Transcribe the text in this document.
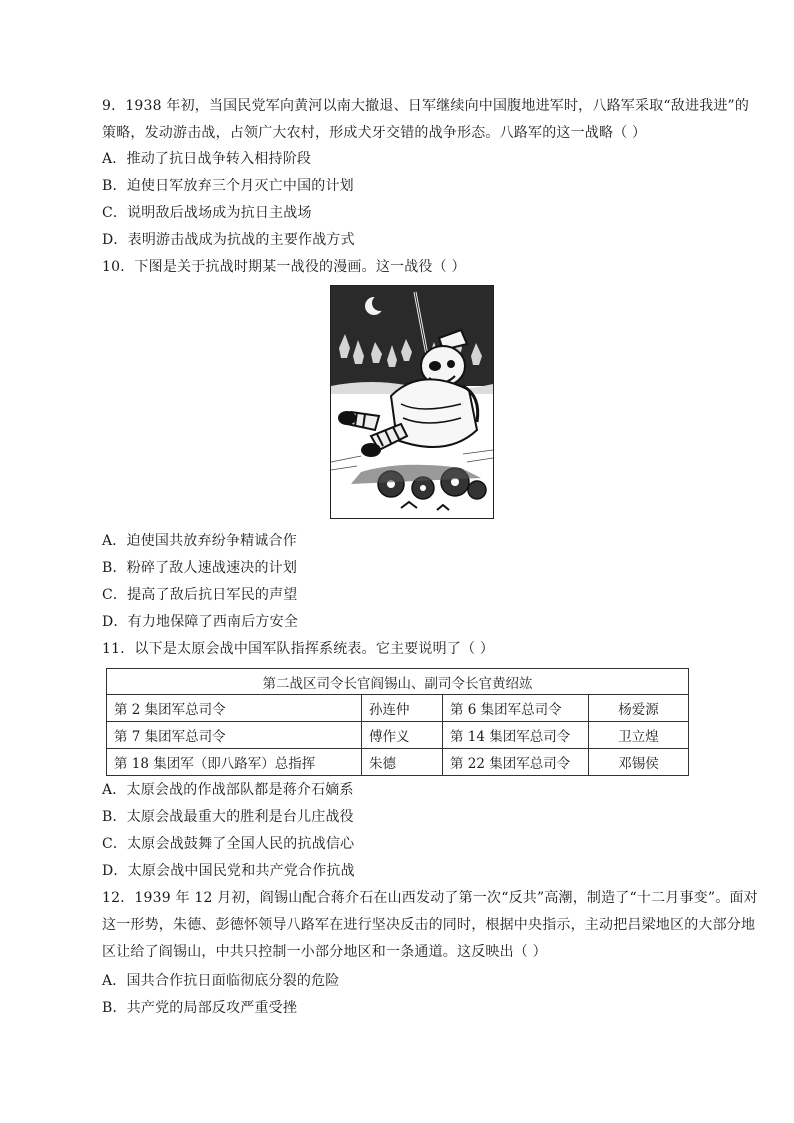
9．1938 年初，当国民党军向黄河以南大撤退、日军继续向中国腹地进军时，八路军采取“敌进我进”的
策略，发动游击战，占领广大农村，形成犬牙交错的战争形态。八路军的这一战略（ ）
A．推动了抗日战争转入相持阶段
B．迫使日军放弃三个月灭亡中国的计划
C．说明敌后战场成为抗日主战场
D．表明游击战成为抗战的主要作战方式
10．下图是关于抗战时期某一战役的漫画。这一战役（ ）
A．迫使国共放弃纷争精诚合作
B．粉碎了敌人速战速决的计划
C．提高了敌后抗日军民的声望
D．有力地保障了西南后方安全
11．以下是太原会战中国军队指挥系统表。它主要说明了（ ）
第二战区司令长官阎锡山、副司令长官黄绍竑			
第 2 集团军总司令	孙连仲	第 6 集团军总司令	杨爱源
第 7 集团军总司令	傅作义	第 14 集团军总司令	卫立煌
第 18 集团军（即八路军）总指挥	朱德	第 22 集团军总司令	邓锡侯
A．太原会战的作战部队都是蒋介石嫡系
B．太原会战最重大的胜利是台儿庄战役
C．太原会战鼓舞了全国人民的抗战信心
D．太原会战中国民党和共产党合作抗战
12．1939 年 12 月初，阎锡山配合蒋介石在山西发动了第一次“反共”高潮，制造了“十二月事变”。面对
这一形势，朱德、彭德怀领导八路军在进行坚决反击的同时，根据中央指示，主动把吕梁地区的大部分地
区让给了阎锡山，中共只控制一小部分地区和一条通道。这反映出（ ）
A．国共合作抗日面临彻底分裂的危险
B．共产党的局部反攻严重受挫
